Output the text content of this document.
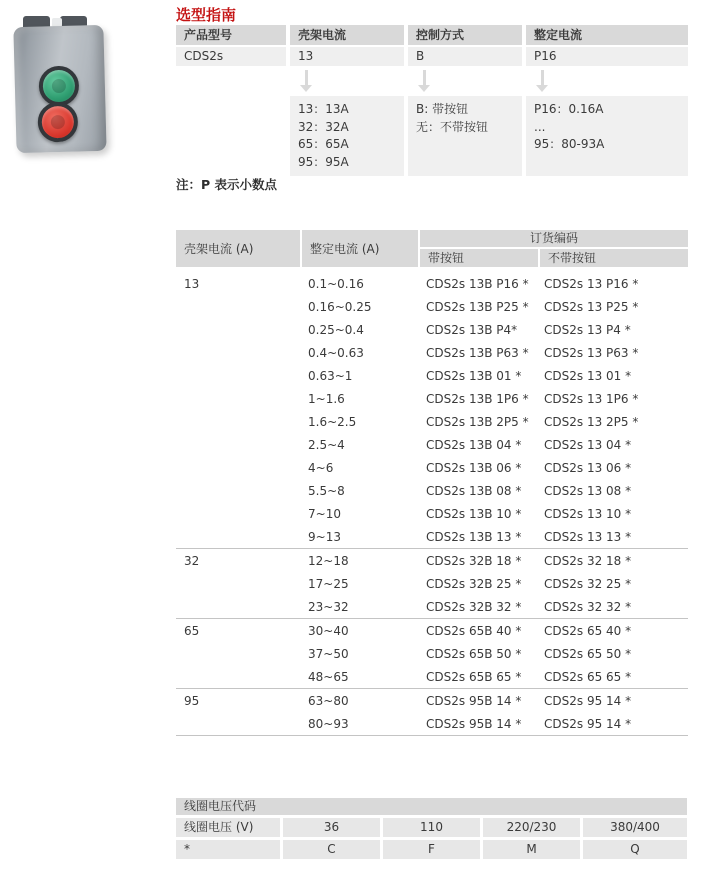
选型指南
产品型号	壳架电流	控制方式	整定电流
CDS2s	13	B	P16
13：13A
32：32A
65：65A
95：95A
B: 带按钮
无：不带按钮
P16：0.16A
...
95：80-93A
注：P 表示小数点
壳架电流 (A)	整定电流 (A)
订货编码
带按钮	不带按钮
13	0.1~0.16	CDS2s 13B P16 *	CDS2s 13 P16 *
0.16~0.25	CDS2s 13B P25 *	CDS2s 13 P25 *
0.25~0.4	CDS2s 13B P4*	CDS2s 13 P4 *
0.4~0.63	CDS2s 13B P63 *	CDS2s 13 P63 *
0.63~1	CDS2s 13B 01 *	CDS2s 13 01 *
1~1.6	CDS2s 13B 1P6 *	CDS2s 13 1P6 *
1.6~2.5	CDS2s 13B 2P5 *	CDS2s 13 2P5 *
2.5~4	CDS2s 13B 04 *	CDS2s 13 04 *
4~6	CDS2s 13B 06 *	CDS2s 13 06 *
5.5~8	CDS2s 13B 08 *	CDS2s 13 08 *
7~10	CDS2s 13B 10 *	CDS2s 13 10 *
9~13	CDS2s 13B 13 *	CDS2s 13 13 *
32	12~18	CDS2s 32B 18 *	CDS2s 32 18 *
17~25	CDS2s 32B 25 *	CDS2s 32 25 *
23~32	CDS2s 32B 32 *	CDS2s 32 32 *
65	30~40	CDS2s 65B 40 *	CDS2s 65 40 *
37~50	CDS2s 65B 50 *	CDS2s 65 50 *
48~65	CDS2s 65B 65 *	CDS2s 65 65 *
95	63~80	CDS2s 95B 14 *	CDS2s 95 14 *
80~93	CDS2s 95B 14 *	CDS2s 95 14 *
线圈电压代码
线圈电压 (V)	36	110	220/230	380/400
*	C	F	M	Q
